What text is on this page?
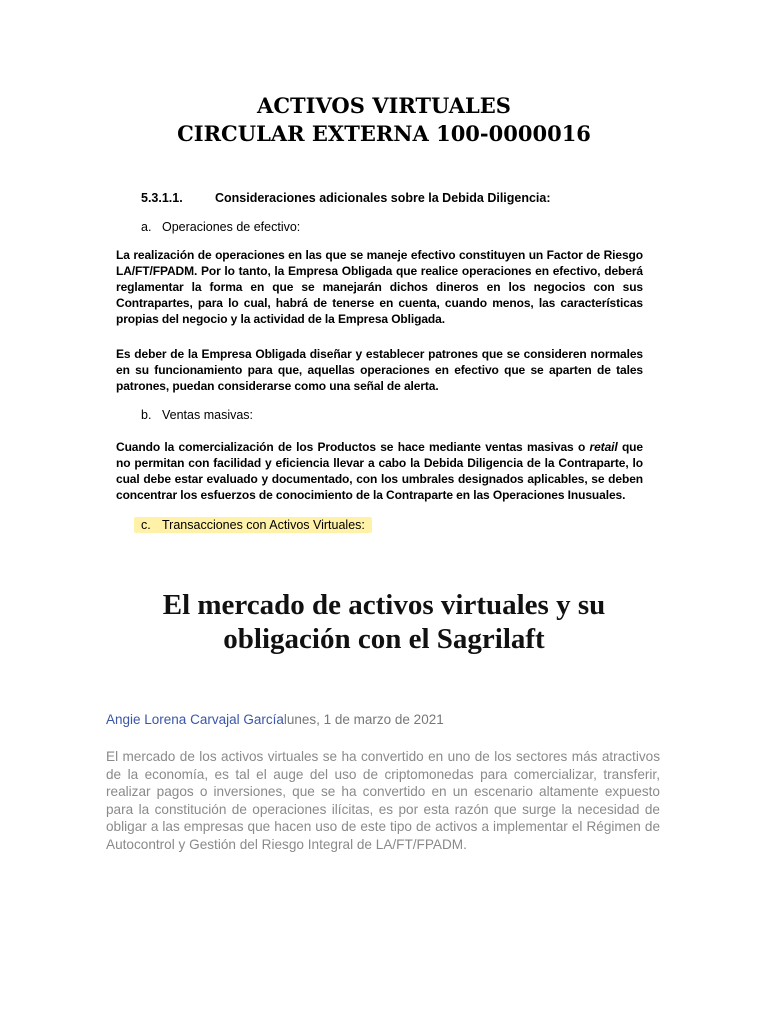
ACTIVOS VIRTUALES
CIRCULAR EXTERNA 100-0000016

5.3.1.1.	Consideraciones adicionales sobre la Debida Diligencia:

a. Operaciones de efectivo:

La realización de operaciones en las que se maneje efectivo constituyen un Factor de Riesgo LA/FT/FPADM. Por lo tanto, la Empresa Obligada que realice operaciones en efectivo, deberá reglamentar la forma en que se manejarán dichos dineros en los negocios con sus Contrapartes, para lo cual, habrá de tenerse en cuenta, cuando menos, las características propias del negocio y la actividad de la Empresa Obligada.

Es deber de la Empresa Obligada diseñar y establecer patrones que se consideren normales en su funcionamiento para que, aquellas operaciones en efectivo que se aparten de tales patrones, puedan considerarse como una señal de alerta.

b. Ventas masivas:

Cuando la comercialización de los Productos se hace mediante ventas masivas o retail que no permitan con facilidad y eficiencia llevar a cabo la Debida Diligencia de la Contraparte, lo cual debe estar evaluado y documentado, con los umbrales designados aplicables, se deben concentrar los esfuerzos de conocimiento de la Contraparte en las Operaciones Inusuales.

c. Transacciones con Activos Virtuales:

El mercado de activos virtuales y su
obligación con el Sagrilaft

Angie Lorena Carvajal Garcíalunes, 1 de marzo de 2021

El mercado de los activos virtuales se ha convertido en uno de los sectores más atractivos de la economía, es tal el auge del uso de criptomonedas para comercializar, transferir, realizar pagos o inversiones, que se ha convertido en un escenario altamente expuesto para la constitución de operaciones ilícitas, es por esta razón que surge la necesidad de obligar a las empresas que hacen uso de este tipo de activos a implementar el Régimen de Autocontrol y Gestión del Riesgo Integral de LA/FT/FPADM.
